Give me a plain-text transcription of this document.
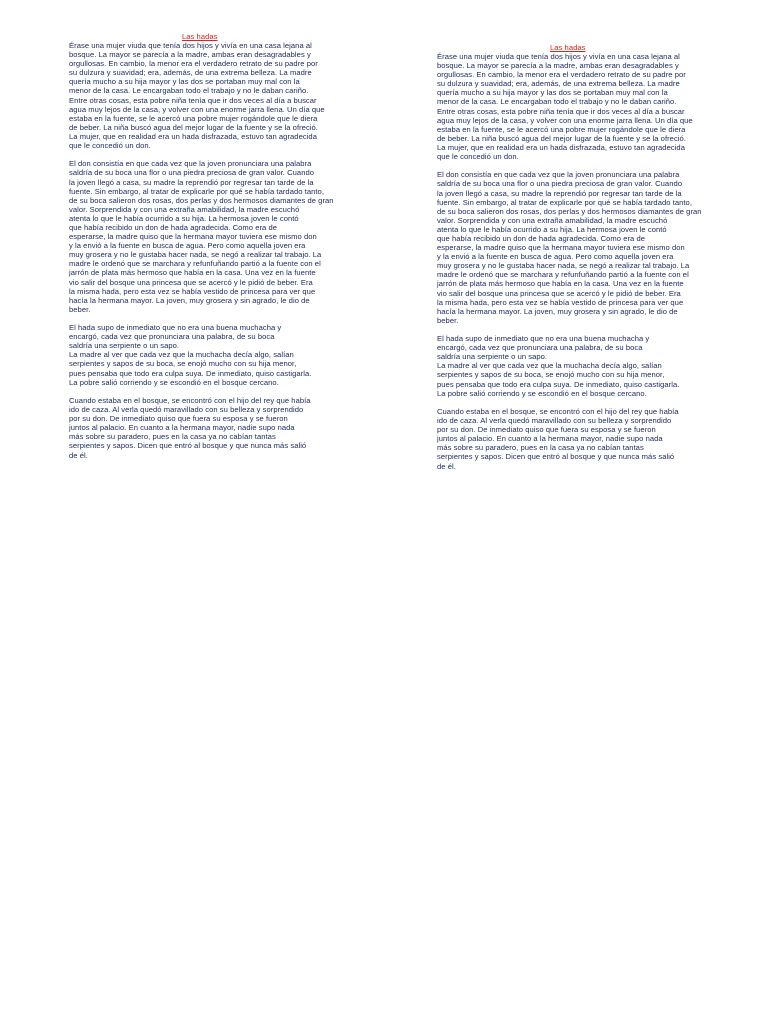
Las hadas

Érase una mujer viuda que tenía dos hijos y vivía en una casa lejana al
bosque. La mayor se parecía a la madre, ambas eran desagradables y
orgullosas. En cambio, la menor era el verdadero retrato de su padre por
su dulzura y suavidad; era, además, de una extrema belleza. La madre
quería mucho a su hija mayor y las dos se portaban muy mal con la
menor de la casa. Le encargaban todo el trabajo y no le daban cariño.
Entre otras cosas, esta pobre niña tenía que ir dos veces al día a buscar
agua muy lejos de la casa, y volver con una enorme jarra llena. Un día que
estaba en la fuente, se le acercó una pobre mujer rogándole que le diera
de beber. La niña buscó agua del mejor lugar de la fuente y se la ofreció.
La mujer, que en realidad era un hada disfrazada, estuvo tan agradecida
que le concedió un don.
El don consistía en que cada vez que la joven pronunciara una palabra
saldría de su boca una flor o una piedra preciosa de gran valor. Cuando
la joven llegó a casa, su madre la reprendió por regresar tan tarde de la
fuente. Sin embargo, al tratar de explicarle por qué se había tardado tanto,
de su boca salieron dos rosas, dos perlas y dos hermosos diamantes de gran
valor. Sorprendida y con una extraña amabilidad, la madre escuchó
atenta lo que le había ocurrido a su hija. La hermosa joven le contó
que había recibido un don de hada agradecida. Como era de
esperarse, la madre quiso que la hermana mayor tuviera ese mismo don
y la envió a la fuente en busca de agua. Pero como aquella joven era
muy grosera y no le gustaba hacer nada, se negó a realizar tal trabajo. La
madre le ordenó que se marchara y refunfuñando partió a la fuente con el
jarrón de plata más hermoso que había en la casa. Una vez en la fuente
vio salir del bosque una princesa que se acercó y le pidió de beber. Era
la misma hada, pero esta vez se había vestido de princesa para ver que
hacía la hermana mayor. La joven, muy grosera y sin agrado, le dio de
beber.
El hada supo de inmediato que no era una buena muchacha y
encargó, cada vez que pronunciara una palabra, de su boca
saldría una serpiente o un sapo.
La madre al ver que cada vez que la muchacha decía algo, salían
serpientes y sapos de su boca, se enojó mucho con su hija menor,
pues pensaba que todo era culpa suya. De inmediato, quiso castigarla.
La pobre salió corriendo y se escondió en el bosque cercano.
Cuando estaba en el bosque, se encontró con el hijo del rey que había
ido de caza. Al verla quedó maravillado con su belleza y sorprendido
por su don. De inmediato quiso que fuera su esposa y se fueron
juntos al palacio. En cuanto a la hermana mayor, nadie supo nada
más sobre su paradero, pues en la casa ya no cabían tantas
serpientes y sapos. Dicen que entró al bosque y que nunca más salió
de él.

Las hadas

Érase una mujer viuda que tenía dos hijos y vivía en una casa lejana al
bosque. La mayor se parecía a la madre, ambas eran desagradables y
orgullosas. En cambio, la menor era el verdadero retrato de su padre por
su dulzura y suavidad; era, además, de una extrema belleza. La madre
quería mucho a su hija mayor y las dos se portaban muy mal con la
menor de la casa. Le encargaban todo el trabajo y no le daban cariño.
Entre otras cosas, esta pobre niña tenía que ir dos veces al día a buscar
agua muy lejos de la casa, y volver con una enorme jarra llena. Un día que
estaba en la fuente, se le acercó una pobre mujer rogándole que le diera
de beber. La niña buscó agua del mejor lugar de la fuente y se la ofreció.
La mujer, que en realidad era un hada disfrazada, estuvo tan agradecida
que le concedió un don.
El don consistía en que cada vez que la joven pronunciara una palabra
saldría de su boca una flor o una piedra preciosa de gran valor. Cuando
la joven llegó a casa, su madre la reprendió por regresar tan tarde de la
fuente. Sin embargo, al tratar de explicarle por qué se había tardado tanto,
de su boca salieron dos rosas, dos perlas y dos hermosos diamantes de gran
valor. Sorprendida y con una extraña amabilidad, la madre escuchó
atenta lo que le había ocurrido a su hija. La hermosa joven le contó
que había recibido un don de hada agradecida. Como era de
esperarse, la madre quiso que la hermana mayor tuviera ese mismo don
y la envió a la fuente en busca de agua. Pero como aquella joven era
muy grosera y no le gustaba hacer nada, se negó a realizar tal trabajo. La
madre le ordenó que se marchara y refunfuñando partió a la fuente con el
jarrón de plata más hermoso que había en la casa. Una vez en la fuente
vio salir del bosque una princesa que se acercó y le pidió de beber. Era
la misma hada, pero esta vez se había vestido de princesa para ver que
hacía la hermana mayor. La joven, muy grosera y sin agrado, le dio de
beber.
El hada supo de inmediato que no era una buena muchacha y
encargó, cada vez que pronunciara una palabra, de su boca
saldría una serpiente o un sapo.
La madre al ver que cada vez que la muchacha decía algo, salían
serpientes y sapos de su boca, se enojó mucho con su hija menor,
pues pensaba que todo era culpa suya. De inmediato, quiso castigarla.
La pobre salió corriendo y se escondió en el bosque cercano.
Cuando estaba en el bosque, se encontró con el hijo del rey que había
ido de caza. Al verla quedó maravillado con su belleza y sorprendido
por su don. De inmediato quiso que fuera su esposa y se fueron
juntos al palacio. En cuanto a la hermana mayor, nadie supo nada
más sobre su paradero, pues en la casa ya no cabían tantas
serpientes y sapos. Dicen que entró al bosque y que nunca más salió
de él.
